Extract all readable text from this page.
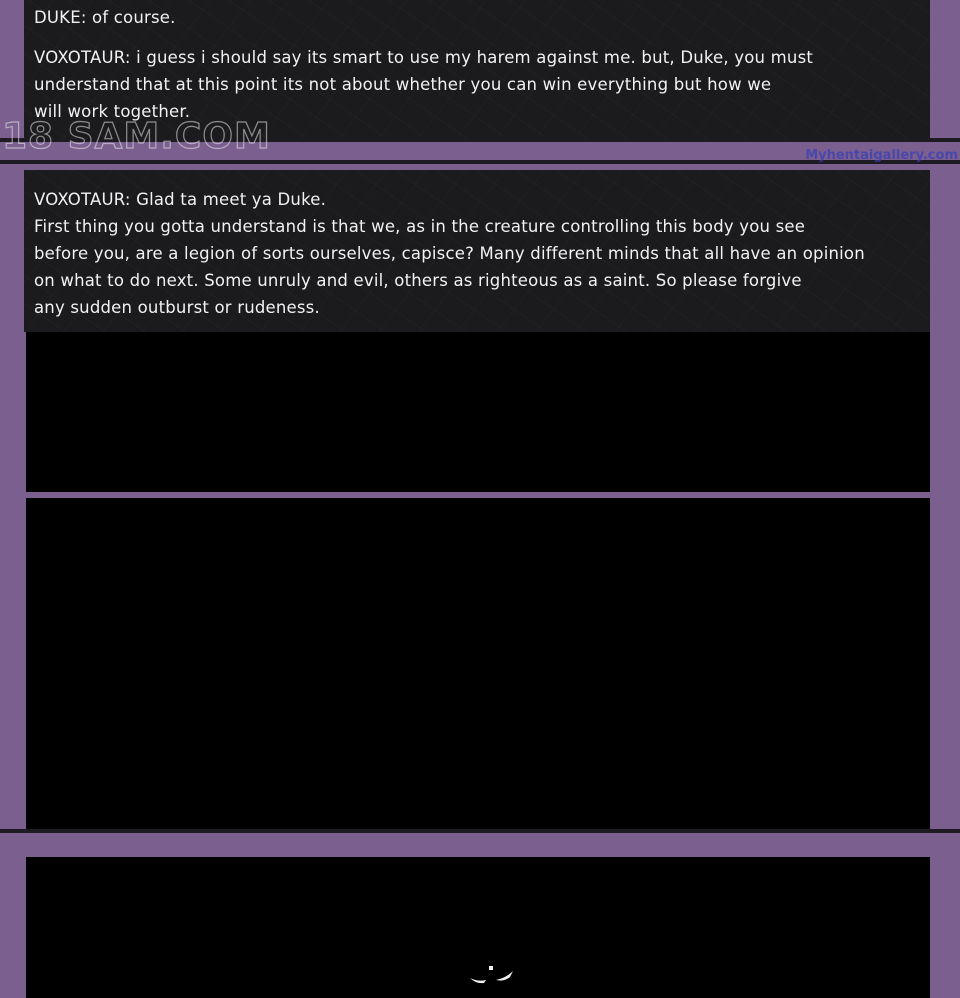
DUKE: of course.

VOXOTAUR: i guess i should say its smart to use my harem against me. but, Duke, you must
understand that at this point its not about whether you can win everything but how we
will work together.

18 SAM.COM	Myhentaigallery.com

VOXOTAUR: Glad ta meet ya Duke.

First thing you gotta understand is that we, as in the creature controlling this body you see
before you, are a legion of sorts ourselves, capisce? Many different minds that all have an opinion
on what to do next. Some unruly and evil, others as righteous as a saint. So please forgive
any sudden outburst or rudeness.
